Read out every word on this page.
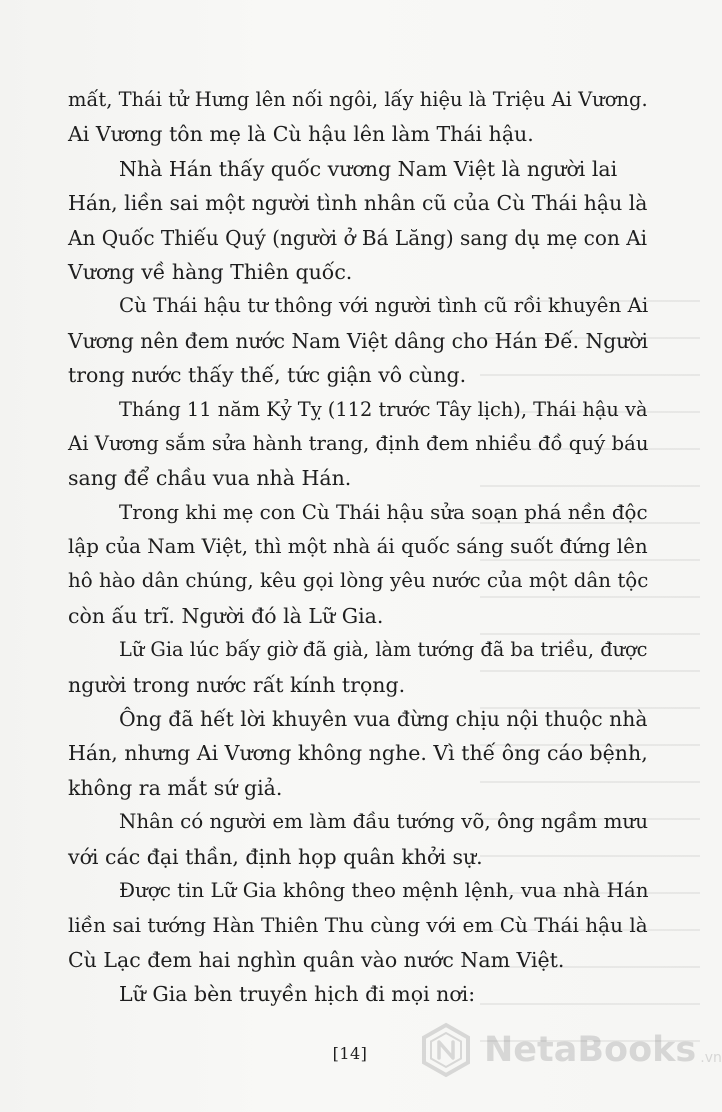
mất, Thái tử Hưng lên nối ngôi, lấy hiệu là Triệu Ai Vương.
Ai Vương tôn mẹ là Cù hậu lên làm Thái hậu.
Nhà Hán thấy quốc vương Nam Việt là người lai
Hán, liền sai một người tình nhân cũ của Cù Thái hậu là
An Quốc Thiếu Quý (người ở Bá Lăng) sang dụ mẹ con Ai
Vương về hàng Thiên quốc.
Cù Thái hậu tư thông với người tình cũ rồi khuyên Ai
Vương nên đem nước Nam Việt dâng cho Hán Đế. Người
trong nước thấy thế, tức giận vô cùng.
Tháng 11 năm Kỷ Tỵ (112 trước Tây lịch), Thái hậu và
Ai Vương sắm sửa hành trang, định đem nhiều đồ quý báu
sang để chầu vua nhà Hán.
Trong khi mẹ con Cù Thái hậu sửa soạn phá nền độc
lập của Nam Việt, thì một nhà ái quốc sáng suốt đứng lên
hô hào dân chúng, kêu gọi lòng yêu nước của một dân tộc
còn ấu trĩ. Người đó là Lữ Gia.
Lữ Gia lúc bấy giờ đã già, làm tướng đã ba triều, được
người trong nước rất kính trọng.
Ông đã hết lời khuyên vua đừng chịu nội thuộc nhà
Hán, nhưng Ai Vương không nghe. Vì thế ông cáo bệnh,
không ra mắt sứ giả.
Nhân có người em làm đầu tướng võ, ông ngầm mưu
với các đại thần, định họp quân khởi sự.
Được tin Lữ Gia không theo mệnh lệnh, vua nhà Hán
liền sai tướng Hàn Thiên Thu cùng với em Cù Thái hậu là
Cù Lạc đem hai nghìn quân vào nước Nam Việt.
Lữ Gia bèn truyền hịch đi mọi nơi:
[14]	NetaBooks .vn
